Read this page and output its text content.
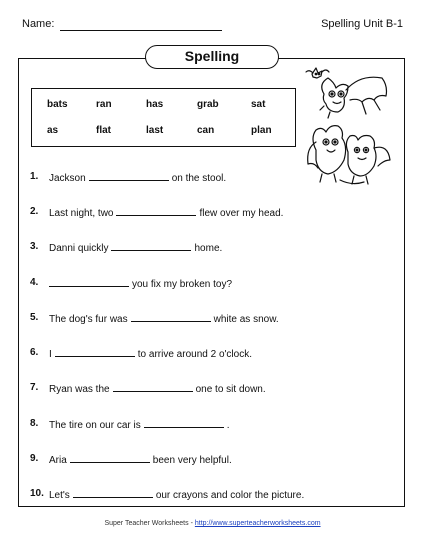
Name:	Spelling Unit B-1
Spelling
bats	ran	has	grab	sat
as	flat	last	can	plan
1.	Jackson	on the stool.
2.	Last night, two	flew over my head.
3.	Danni quickly	home.
4.	you fix my broken toy?
5.	The dog's fur was	white as snow.
6.	I	to arrive around 2 o'clock.
7.	Ryan was the	one to sit down.
8.	The tire on our car is	.
9.	Aria	been very helpful.
10. Let's	our crayons and color the picture.
Super Teacher Worksheets - http://www.superteacherworksheets.com
